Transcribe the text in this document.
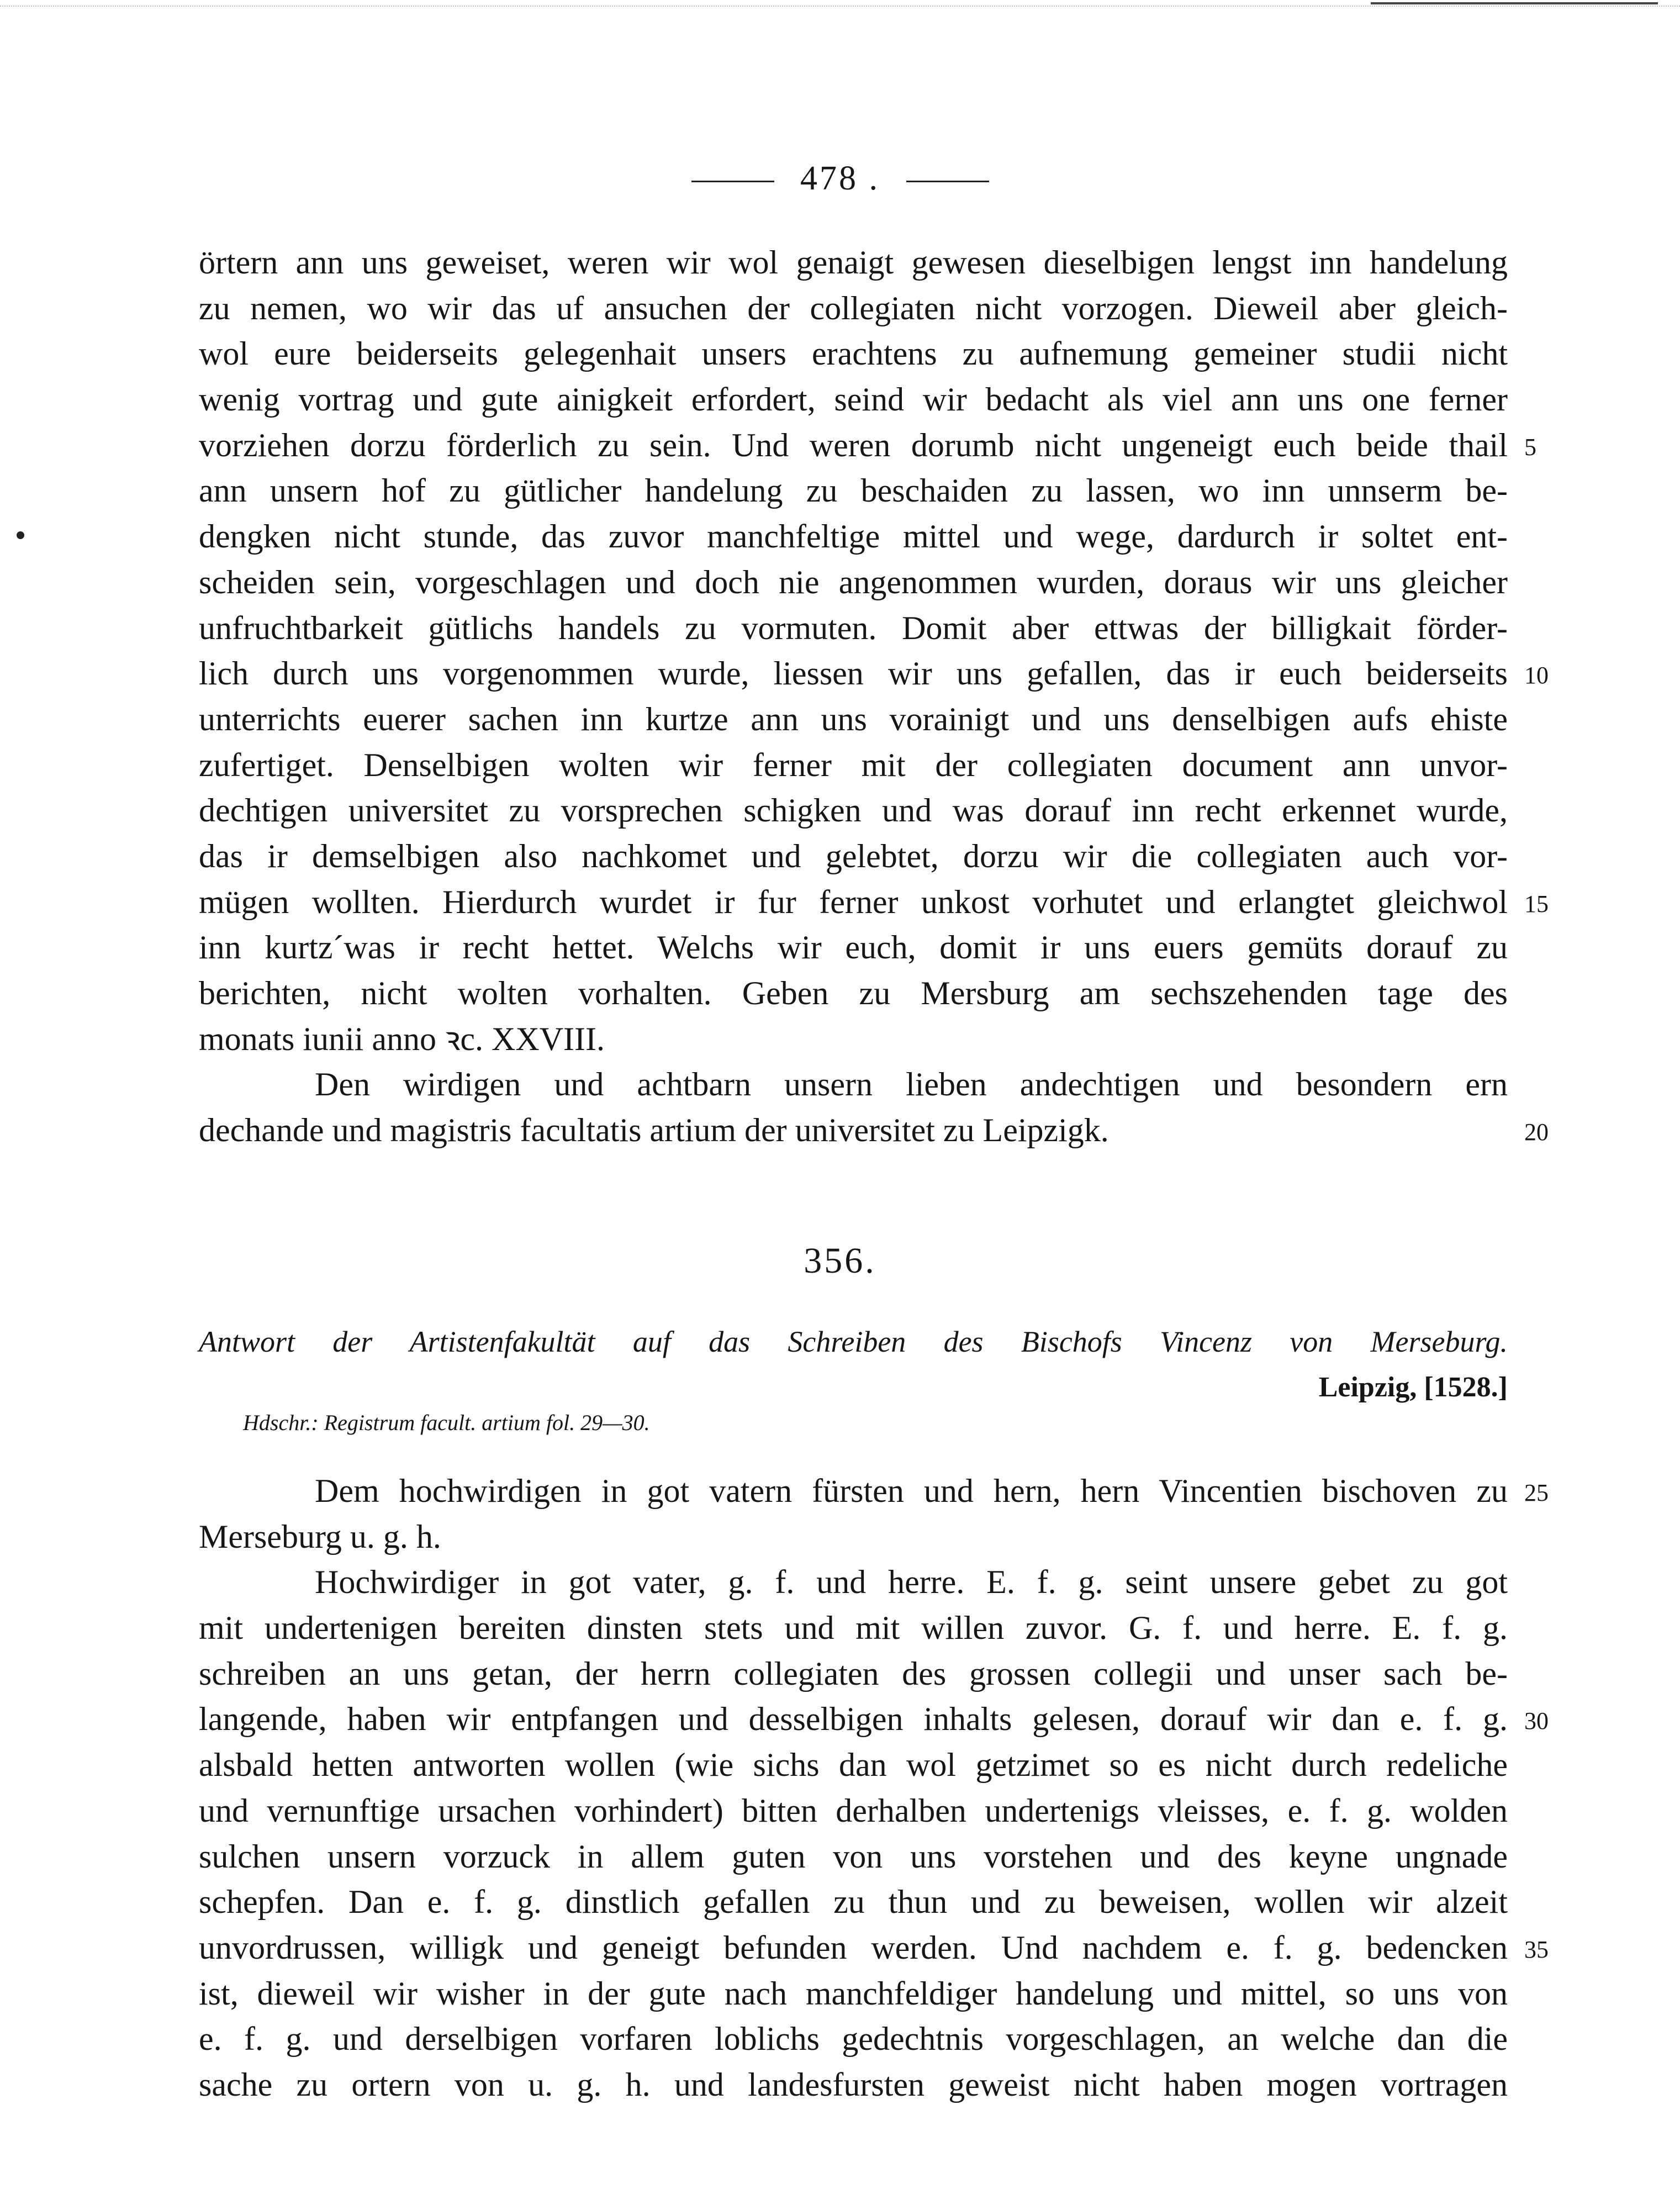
478 .
örtern ann uns geweiset, weren wir wol genaigt gewesen dieselbigen lengst inn handelung
zu nemen, wo wir das uf ansuchen der collegiaten nicht vorzogen. Dieweil aber gleich-
wol eure beiderseits gelegenhait unsers erachtens zu aufnemung gemeiner studii nicht
wenig vortrag und gute ainigkeit erfordert, seind wir bedacht als viel ann uns one ferner
vorziehen dorzu förderlich zu sein. Und weren dorumb nicht ungeneigt euch beide thail 5
ann unsern hof zu gütlicher handelung zu beschaiden zu lassen, wo inn unnserm be-
dengken nicht stunde, das zuvor manchfeltige mittel und wege, dardurch ir soltet ent-
scheiden sein, vorgeschlagen und doch nie angenommen wurden, doraus wir uns gleicher
unfruchtbarkeit gütlichs handels zu vormuten. Domit aber ettwas der billigkait förder-
lich durch uns vorgenommen wurde, liessen wir uns gefallen, das ir euch beiderseits 10
unterrichts euerer sachen inn kurtze ann uns vorainigt und uns denselbigen aufs ehiste
zufertiget. Denselbigen wolten wir ferner mit der collegiaten document ann unvor-
dechtigen universitet zu vorsprechen schigken und was dorauf inn recht erkennet wurde,
das ir demselbigen also nachkomet und gelebtet, dorzu wir die collegiaten auch vor-
mügen wollten. Hierdurch wurdet ir fur ferner unkost vorhutet und erlangtet gleichwol 15
inn kurtz´was ir recht hettet. Welchs wir euch, domit ir uns euers gemüts dorauf zu
berichten, nicht wolten vorhalten. Geben zu Mersburg am sechszehenden tage des
monats iunii anno ꝛc. XXVIII.
Den wirdigen und achtbarn unsern lieben andechtigen und besondern ern
dechande und magistris facultatis artium der universitet zu Leipzigk.	20
356.
Antwort der Artistenfakultät auf das Schreiben des Bischofs Vincenz von Merseburg.
Leipzig, [1528.]
Hdschr.: Registrum facult. artium fol. 29—30.
Dem hochwirdigen in got vatern fürsten und hern, hern Vincentien bischoven zu 25
Merseburg u. g. h.
Hochwirdiger in got vater, g. f. und herre. E. f. g. seint unsere gebet zu got
mit undertenigen bereiten dinsten stets und mit willen zuvor. G. f. und herre. E. f. g.
schreiben an uns getan, der herrn collegiaten des grossen collegii und unser sach be-
langende, haben wir entpfangen und desselbigen inhalts gelesen, dorauf wir dan e. f. g. 30
alsbald hetten antworten wollen (wie sichs dan wol getzimet so es nicht durch redeliche
und vernunftige ursachen vorhindert) bitten derhalben undertenigs vleisses, e. f. g. wolden
sulchen unsern vorzuck in allem guten von uns vorstehen und des keyne ungnade
schepfen. Dan e. f. g. dinstlich gefallen zu thun und zu beweisen, wollen wir alzeit
unvordrussen, willigk und geneigt befunden werden. Und nachdem e. f. g. bedencken 35
ist, dieweil wir wisher in der gute nach manchfeldiger handelung und mittel, so uns von
e. f. g. und derselbigen vorfaren loblichs gedechtnis vorgeschlagen, an welche dan die
sache zu ortern von u. g. h. und landesfursten geweist nicht haben mogen vortragen
